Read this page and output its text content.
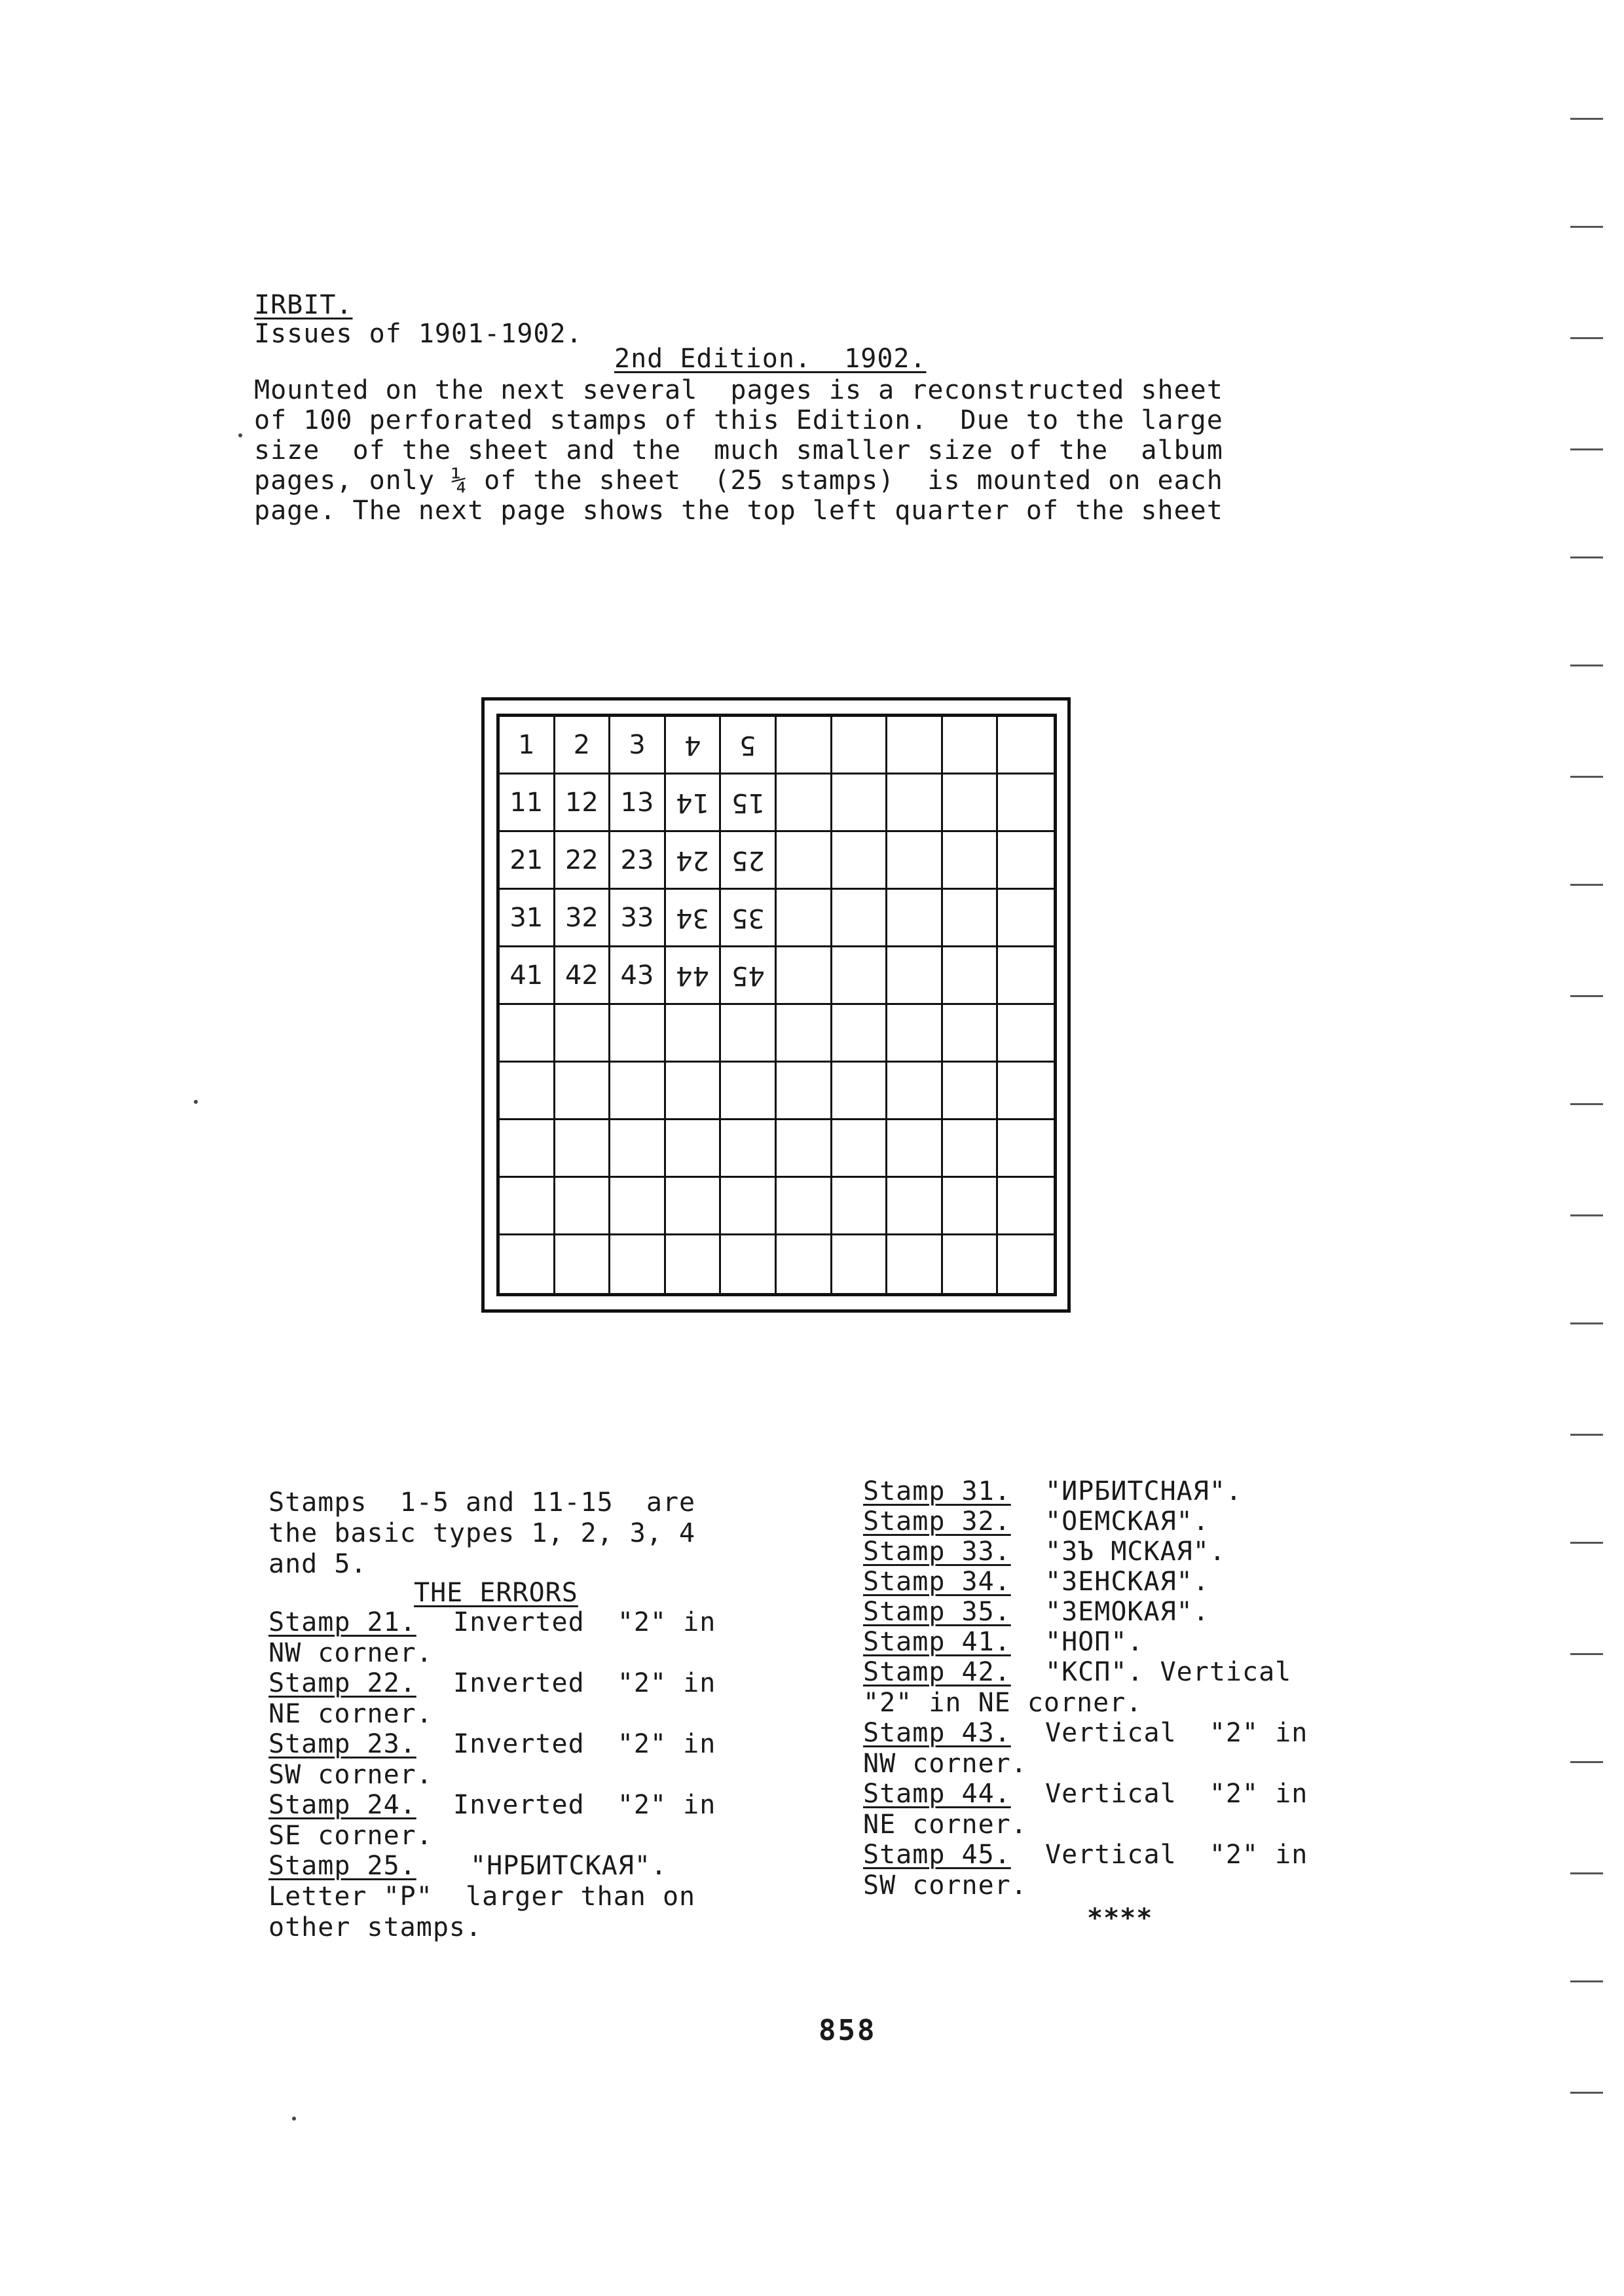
IRBIT.
Issues of 1901-1902.
2nd Edition.  1902.
Mounted on the next several  pages is a reconstructed sheet
of 100 perforated stamps of this Edition.  Due to the large
size  of the sheet and the  much smaller size of the  album
pages, only ¼ of the sheet  (25 stamps)  is mounted on each
page. The next page shows the top left quarter of the sheet
1 2 3 4 5
11 12 13 14 15
21 22 23 24 25
31 32 33 34 35
41 42 43 44 45
Stamps  1-5 and 11-15  are
the basic types 1, 2, 3, 4
and 5.
THE ERRORS
Stamp 21. Inverted  "2" in
NW corner.
Stamp 22. Inverted  "2" in
NE corner.
Stamp 23. Inverted  "2" in
SW corner.
Stamp 24. Inverted  "2" in
SE corner.
Stamp 25. "НРБИТСКАЯ".
Letter "P"  larger than on
other stamps.
Stamp 31. "ИРБИТСНАЯ".
Stamp 32. "ОЕМСКАЯ".
Stamp 33. "ЗЪ МСКАЯ".
Stamp 34. "ЗЕНСКАЯ".
Stamp 35. "ЗЕМОКАЯ".
Stamp 41. "НОП".
Stamp 42. "КСП". Vertical
"2" in NE corner.
Stamp 43. Vertical  "2" in
NW corner.
Stamp 44. Vertical  "2" in
NE corner.
Stamp 45. Vertical  "2" in
SW corner.
****
858
